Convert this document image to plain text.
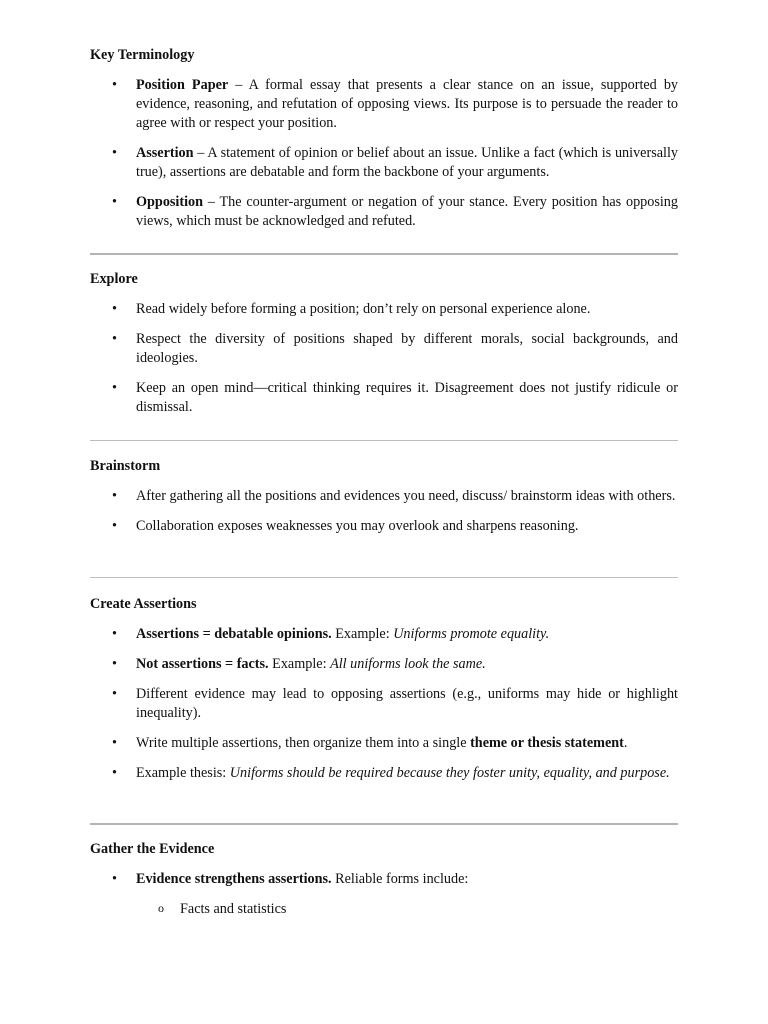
Key Terminology

• Position Paper – A formal essay that presents a clear stance on an issue, supported by evidence, reasoning, and refutation of opposing views. Its purpose is to persuade the reader to agree with or respect your position.
• Assertion – A statement of opinion or belief about an issue. Unlike a fact (which is universally true), assertions are debatable and form the backbone of your arguments.
• Opposition – The counter-argument or negation of your stance. Every position has opposing views, which must be acknowledged and refuted.

Explore

• Read widely before forming a position; don’t rely on personal experience alone.
• Respect the diversity of positions shaped by different morals, social backgrounds, and ideologies.
• Keep an open mind—critical thinking requires it. Disagreement does not justify ridicule or dismissal.

Brainstorm

• After gathering all the positions and evidences you need, discuss/ brainstorm ideas with others.
• Collaboration exposes weaknesses you may overlook and sharpens reasoning.

Create Assertions

• Assertions = debatable opinions. Example: Uniforms promote equality.
• Not assertions = facts. Example: All uniforms look the same.
• Different evidence may lead to opposing assertions (e.g., uniforms may hide or highlight inequality).
• Write multiple assertions, then organize them into a single theme or thesis statement.
• Example thesis: Uniforms should be required because they foster unity, equality, and purpose.

Gather the Evidence

• Evidence strengthens assertions. Reliable forms include:
o Facts and statistics
